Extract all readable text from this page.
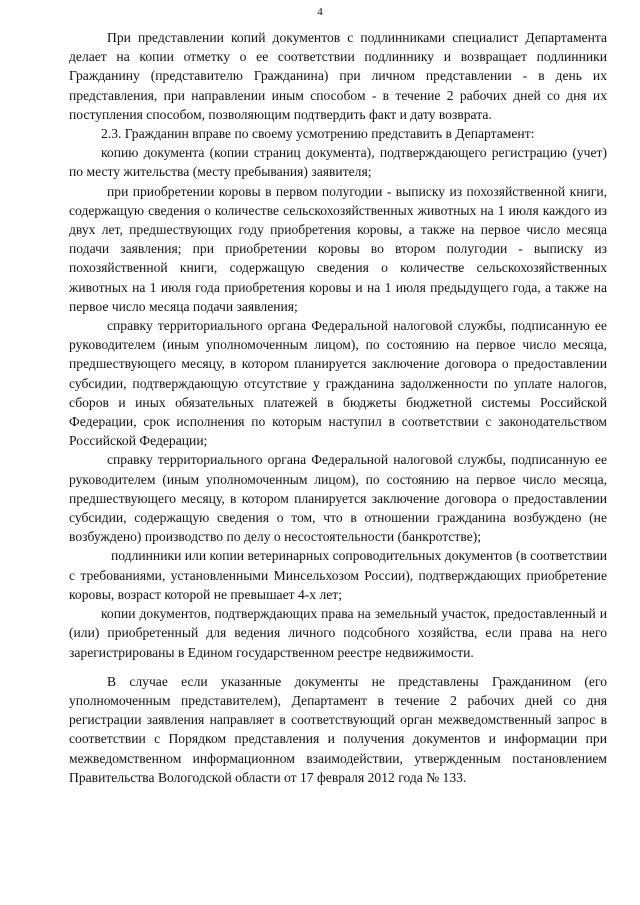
4

При представлении копий документов с подлинниками специалист Департамента делает на копии отметку о ее соответствии подлиннику и возвращает подлинники Гражданину (представителю Гражданина) при личном представлении - в день их представления, при направлении иным способом - в течение 2 рабочих дней со дня их поступления способом, позволяющим подтвердить факт и дату возврата.

2.3. Гражданин вправе по своему усмотрению представить в Департамент:

копию документа (копии страниц документа), подтверждающего регистрацию (учет) по месту жительства (месту пребывания) заявителя;

при приобретении коровы в первом полугодии - выписку из похозяйственной книги, содержащую сведения о количестве сельскохозяйственных животных на 1 июля каждого из двух лет, предшествующих году приобретения коровы, а также на первое число месяца подачи заявления; при приобретении коровы во втором полугодии - выписку из похозяйственной книги, содержащую сведения о количестве сельскохозяйственных животных на 1 июля года приобретения коровы и на 1 июля предыдущего года, а также на первое число месяца подачи заявления;

справку территориального органа Федеральной налоговой службы, подписанную ее руководителем (иным уполномоченным лицом), по состоянию на первое число месяца, предшествующего месяцу, в котором планируется заключение договора о предоставлении субсидии, подтверждающую отсутствие у гражданина задолженности по уплате налогов, сборов и иных обязательных платежей в бюджеты бюджетной системы Российской Федерации, срок исполнения по которым наступил в соответствии с законодательством Российской Федерации;

справку территориального органа Федеральной налоговой службы, подписанную ее руководителем (иным уполномоченным лицом), по состоянию на первое число месяца, предшествующего месяцу, в котором планируется заключение договора о предоставлении субсидии, содержащую сведения о том, что в отношении гражданина возбуждено (не возбуждено) производство по делу о несостоятельности (банкротстве);

подлинники или копии ветеринарных сопроводительных документов (в соответствии с требованиями, установленными Минсельхозом России), подтверждающих приобретение коровы, возраст которой не превышает 4-х лет;

копии документов, подтверждающих права на земельный участок, предоставленный и (или) приобретенный для ведения личного подсобного хозяйства, если права на него зарегистрированы в Едином государственном реестре недвижимости.

В случае если указанные документы не представлены Гражданином (его уполномоченным представителем), Департамент в течение 2 рабочих дней со дня регистрации заявления направляет в соответствующий орган межведомственный запрос в соответствии с Порядком представления и получения документов и информации при межведомственном информационном взаимодействии, утвержденным постановлением Правительства Вологодской области от 17 февраля 2012 года № 133.
